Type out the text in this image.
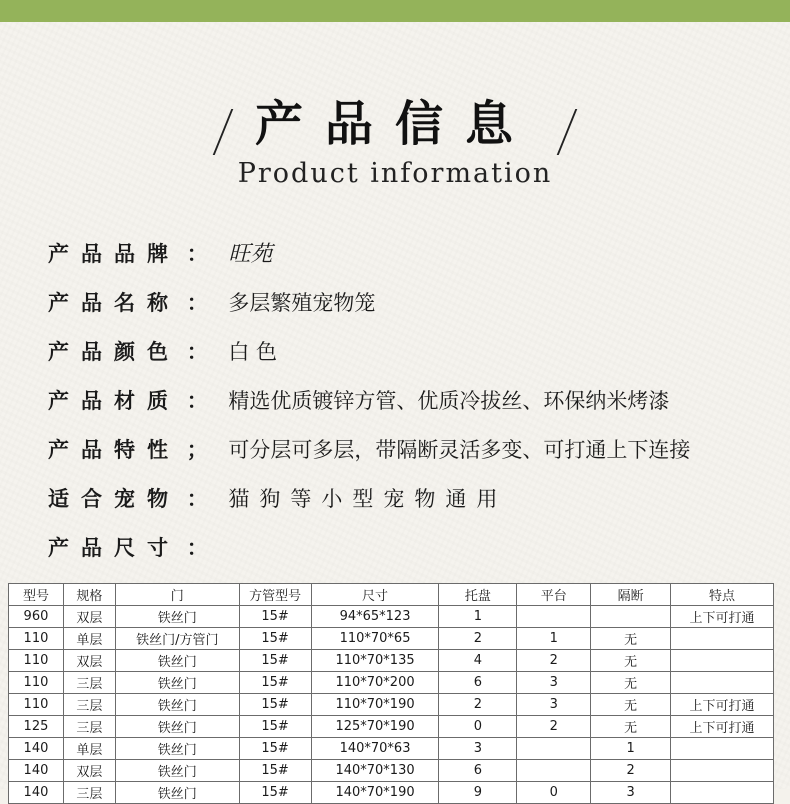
产品信息
Product information
产品品牌 ： 旺苑
产品名称 ： 多层繁殖宠物笼
产品颜色 ： 白 色
产品材质 ： 精选优质镀锌方管、优质冷拔丝、环保纳米烤漆
产品特性 ； 可分层可多层，带隔断灵活多变、可打通上下连接
适合宠物 ： 猫狗等小型宠物通用
产品尺寸 ：
型号	规格	门	方管型号	尺寸	托盘	平台	隔断	特点
960	双层	铁丝门	15#	94*65*123	1			上下可打通
110	单层	铁丝门/方管门	15#	110*70*65	2	1	无	
110	双层	铁丝门	15#	110*70*135	4	2	无	
110	三层	铁丝门	15#	110*70*200	6	3	无	
110	三层	铁丝门	15#	110*70*190	2	3	无	上下可打通
125	三层	铁丝门	15#	125*70*190	0	2	无	上下可打通
140	单层	铁丝门	15#	140*70*63	3		1	
140	双层	铁丝门	15#	140*70*130	6		2	
140	三层	铁丝门	15#	140*70*190	9	0	3	
